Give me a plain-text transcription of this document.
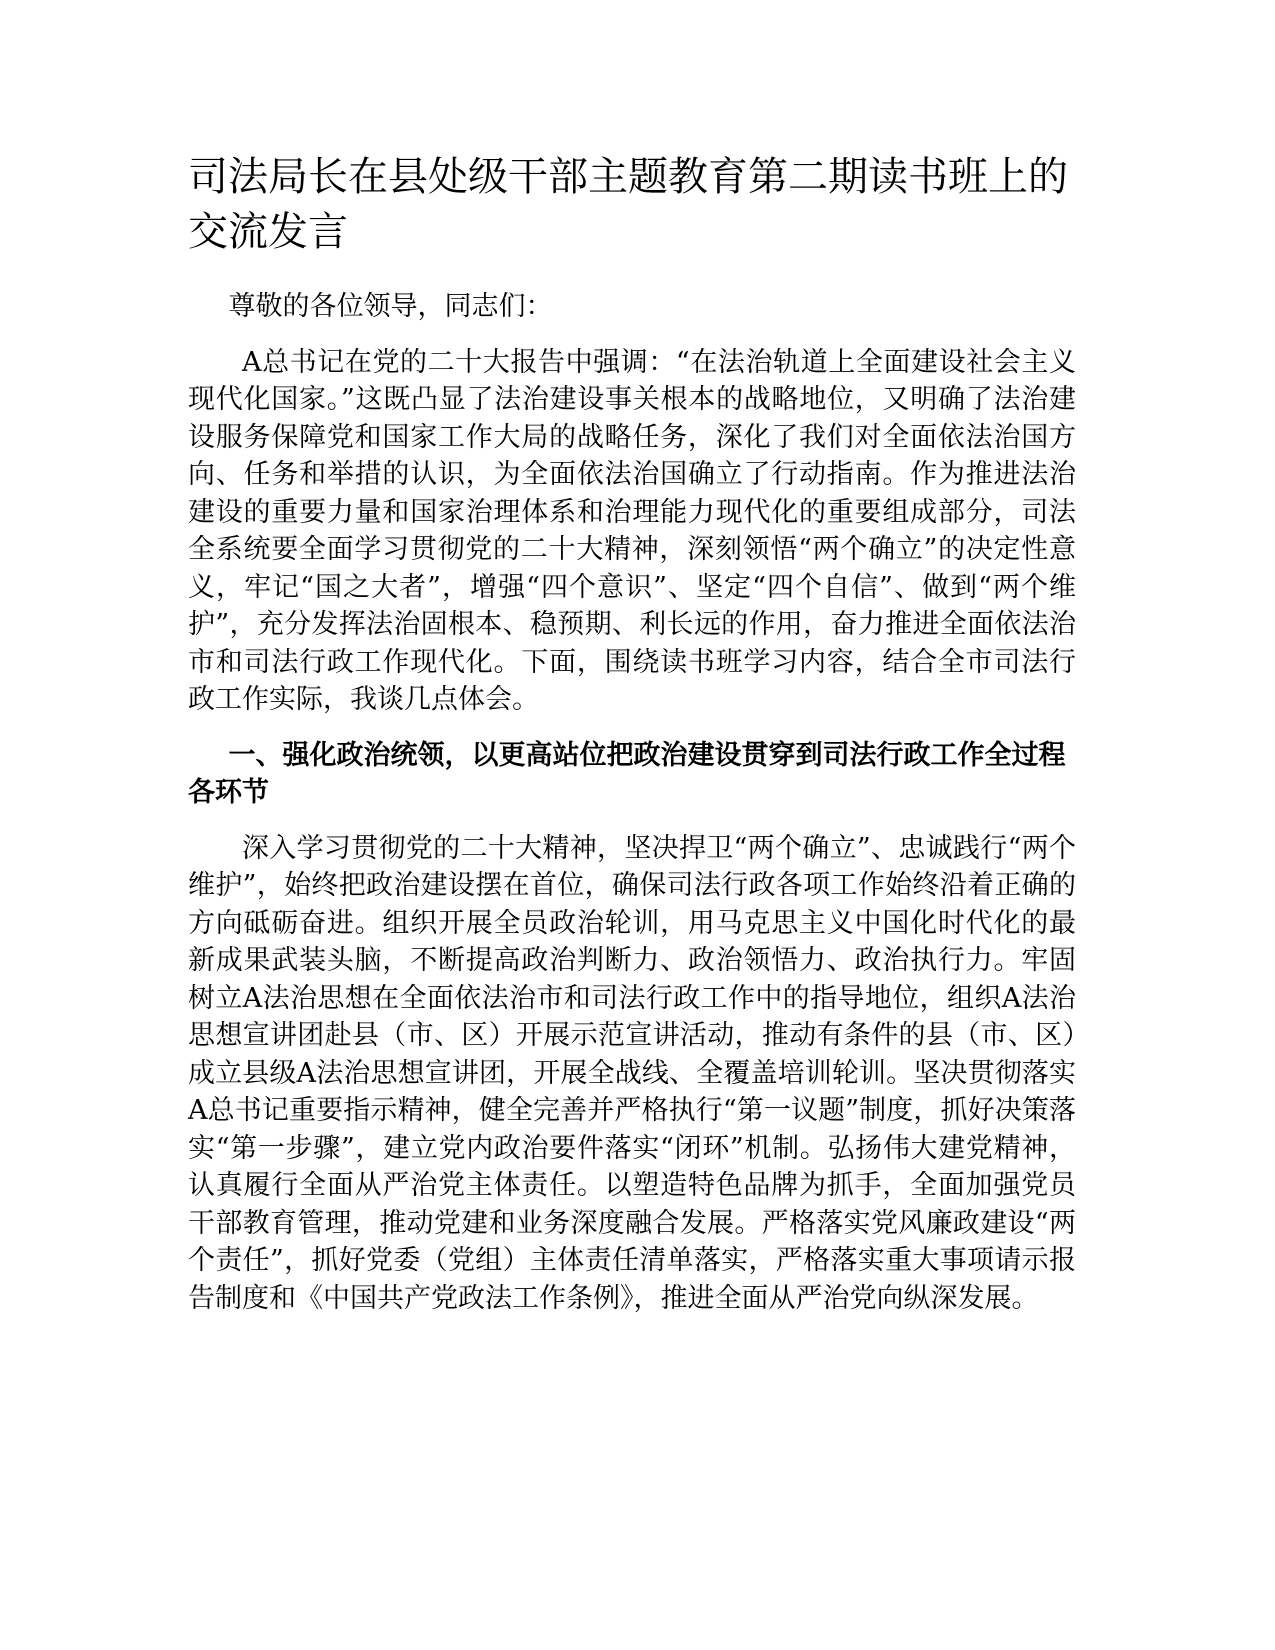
司法局长在县处级干部主题教育第二期读书班上的交流发言

尊敬的各位领导，同志们：

A总书记在党的二十大报告中强调：“在法治轨道上全面建设社会主义现代化国家。”这既凸显了法治建设事关根本的战略地位，又明确了法治建设服务保障党和国家工作大局的战略任务，深化了我们对全面依法治国方向、任务和举措的认识，为全面依法治国确立了行动指南。作为推进法治建设的重要力量和国家治理体系和治理能力现代化的重要组成部分，司法全系统要全面学习贯彻党的二十大精神，深刻领悟“两个确立”的决定性意义，牢记“国之大者”，增强“四个意识”、坚定“四个自信”、做到“两个维护”，充分发挥法治固根本、稳预期、利长远的作用，奋力推进全面依法治市和司法行政工作现代化。下面，围绕读书班学习内容，结合全市司法行政工作实际，我谈几点体会。

一、强化政治统领，以更高站位把政治建设贯穿到司法行政工作全过程各环节

深入学习贯彻党的二十大精神，坚决捍卫“两个确立”、忠诚践行“两个维护”，始终把政治建设摆在首位，确保司法行政各项工作始终沿着正确的方向砥砺奋进。组织开展全员政治轮训，用马克思主义中国化时代化的最新成果武装头脑，不断提高政治判断力、政治领悟力、政治执行力。牢固树立A法治思想在全面依法治市和司法行政工作中的指导地位，组织A法治思想宣讲团赴县（市、区）开展示范宣讲活动，推动有条件的县（市、区）成立县级A法治思想宣讲团，开展全战线、全覆盖培训轮训。坚决贯彻落实A总书记重要指示精神，健全完善并严格执行“第一议题”制度，抓好决策落实“第一步骤”，建立党内政治要件落实“闭环”机制。弘扬伟大建党精神，认真履行全面从严治党主体责任。以塑造特色品牌为抓手，全面加强党员干部教育管理，推动党建和业务深度融合发展。严格落实党风廉政建设“两个责任”，抓好党委（党组）主体责任清单落实，严格落实重大事项请示报告制度和《中国共产党政法工作条例》，推进全面从严治党向纵深发展。
